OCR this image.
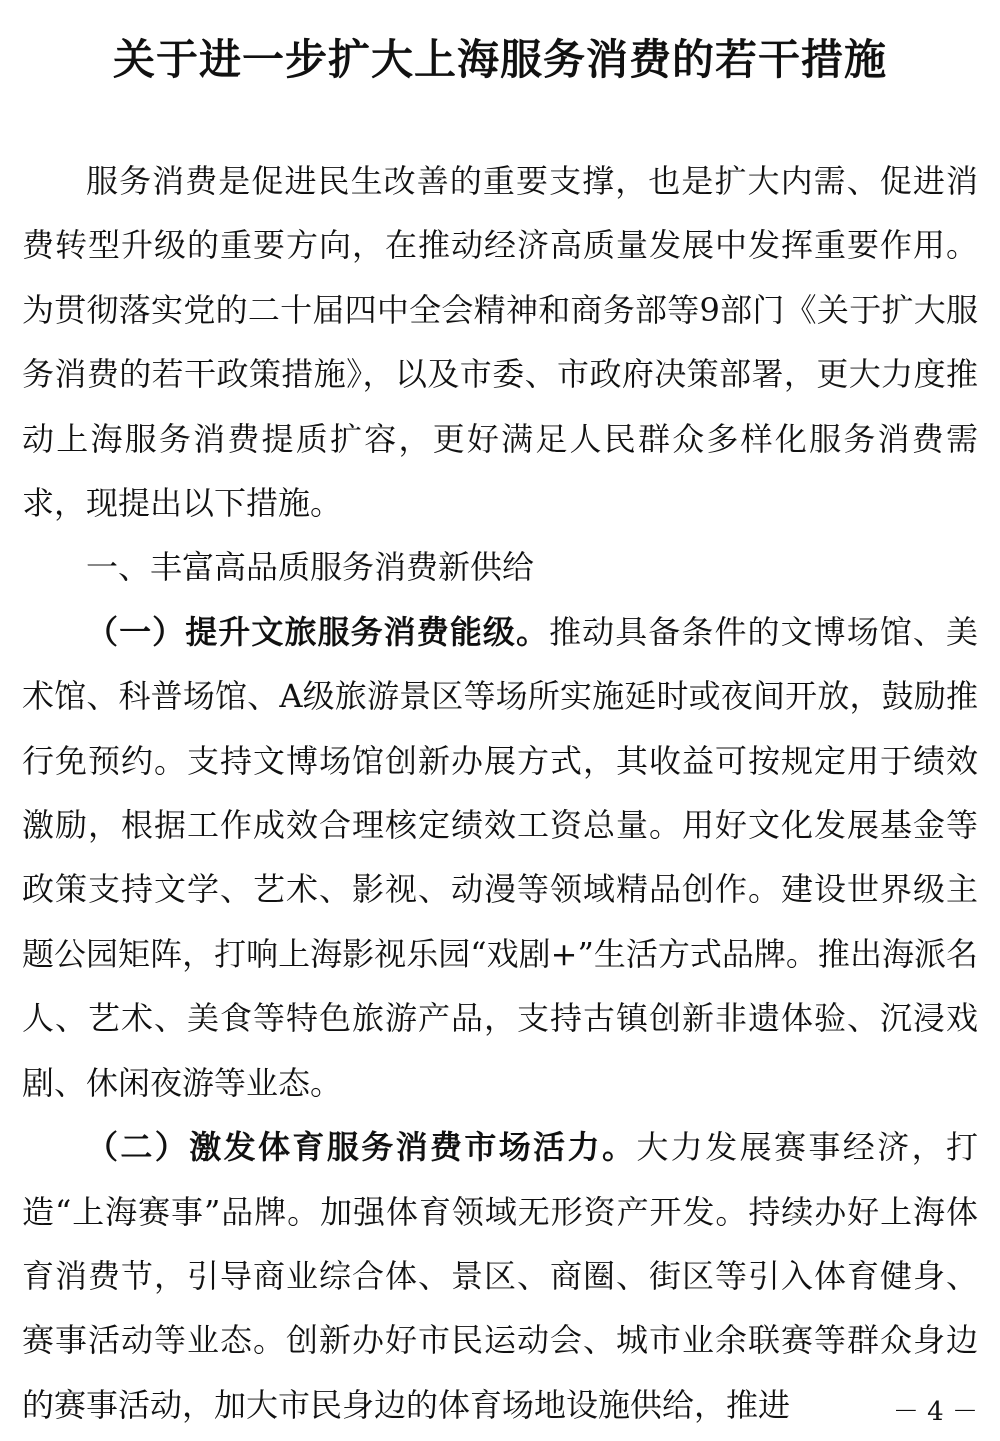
关于进一步扩大上海服务消费的若干措施

服务消费是促进民生改善的重要支撑，也是扩大内需、促进消费转型升级的重要方向，在推动经济高质量发展中发挥重要作用。为贯彻落实党的二十届四中全会精神和商务部等9部门《关于扩大服务消费的若干政策措施》，以及市委、市政府决策部署，更大力度推动上海服务消费提质扩容，更好满足人民群众多样化服务消费需求，现提出以下措施。

一、丰富高品质服务消费新供给

（一）提升文旅服务消费能级。推动具备条件的文博场馆、美术馆、科普场馆、A级旅游景区等场所实施延时或夜间开放，鼓励推行免预约。支持文博场馆创新办展方式，其收益可按规定用于绩效激励，根据工作成效合理核定绩效工资总量。用好文化发展基金等政策支持文学、艺术、影视、动漫等领域精品创作。建设世界级主题公园矩阵，打响上海影视乐园“戏剧+”生活方式品牌。推出海派名人、艺术、美食等特色旅游产品，支持古镇创新非遗体验、沉浸戏剧、休闲夜游等业态。

（二）激发体育服务消费市场活力。大力发展赛事经济，打造“上海赛事”品牌。加强体育领域无形资产开发。持续办好上海体育消费节，引导商业综合体、景区、商圈、街区等引入体育健身、赛事活动等业态。创新办好市民运动会、城市业余联赛等群众身边的赛事活动，加大市民身边的体育场地设施供给，推进	－ 4 －
